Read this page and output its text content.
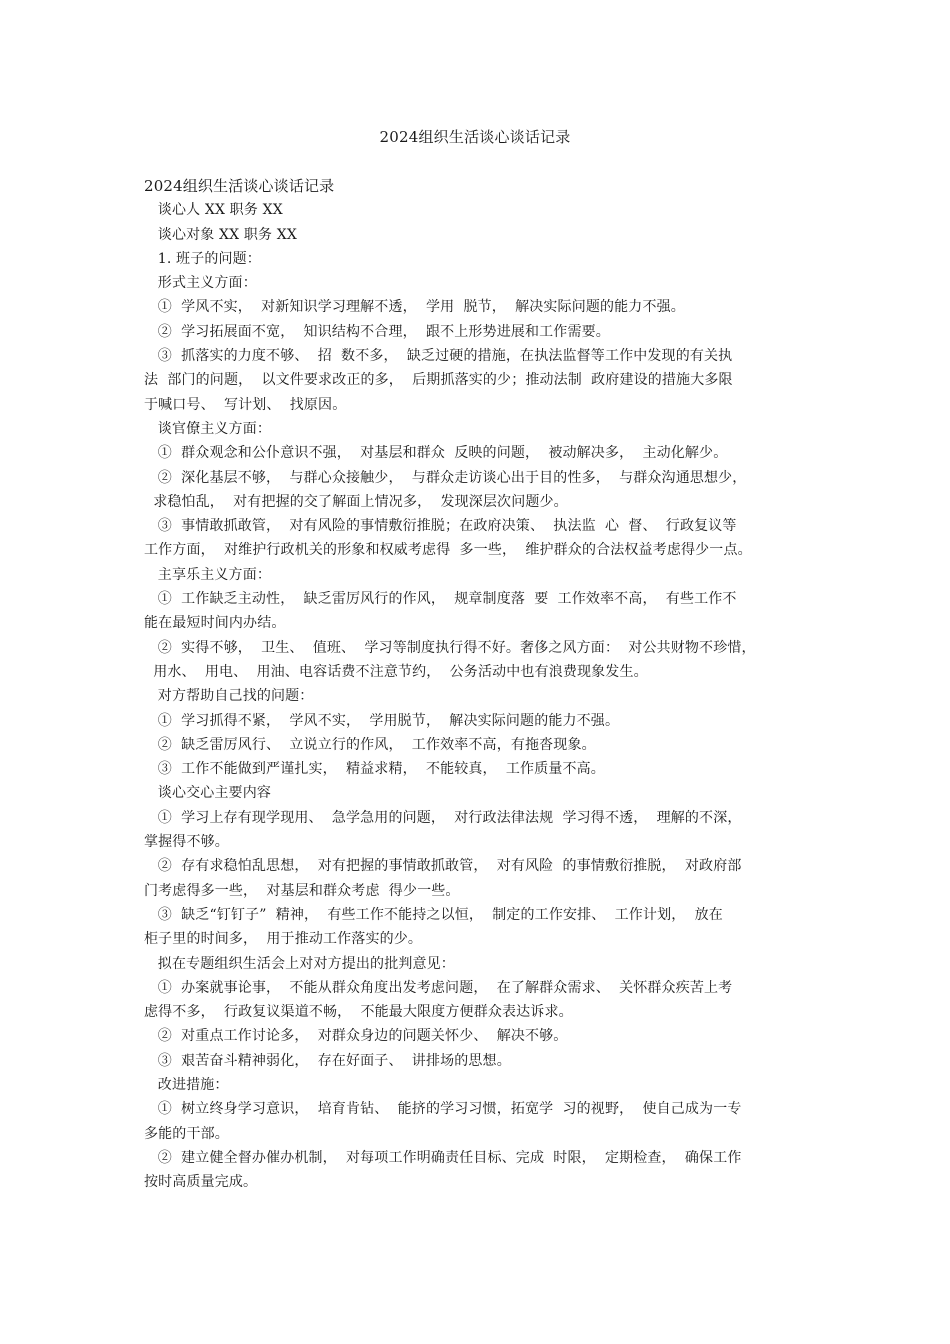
2024组织生活谈心谈话记录
2024组织生活谈心谈话记录
谈心人 XX 职务 XX
谈心对象 XX 职务 XX
1. 班子的问题：
形式主义方面：
①  学风不实，  对新知识学习理解不透，  学用  脱节，  解决实际问题的能力不强。
②  学习拓展面不宽，  知识结构不合理，  跟不上形势进展和工作需要。
③  抓落实的力度不够、  招  数不多，  缺乏过硬的措施，在执法监督等工作中发现的有关执
法  部门的问题，  以文件要求改正的多，  后期抓落实的少；推动法制  政府建设的措施大多限
于喊口号、  写计划、  找原因。
谈官僚主义方面：
①  群众观念和公仆意识不强，  对基层和群众  反映的问题，  被动解决多，  主动化解少。
②  深化基层不够，  与群心众接触少，  与群众走访谈心出于目的性多，  与群众沟通思想少，
求稳怕乱，  对有把握的交了解面上情况多，  发现深层次问题少。
③  事情敢抓敢管，  对有风险的事情敷衍推脱；在政府决策、  执法监  心  督、  行政复议等
工作方面，  对维护行政机关的形象和权威考虑得  多一些，  维护群众的合法权益考虑得少一点。
主享乐主义方面：
①  工作缺乏主动性，  缺乏雷厉风行的作风，  规章制度落  要  工作效率不高，  有些工作不
能在最短时间内办结。
②  实得不够，  卫生、  值班、  学习等制度执行得不好。奢侈之风方面：  对公共财物不珍惜，
用水、  用电、  用油、电容话费不注意节约，  公务活动中也有浪费现象发生。
对方帮助自己找的问题：
①  学习抓得不紧，  学风不实，  学用脱节，  解决实际问题的能力不强。
②  缺乏雷厉风行、  立说立行的作风，  工作效率不高，有拖沓现象。
③  工作不能做到严谨扎实，  精益求精，  不能较真，  工作质量不高。
谈心交心主要内容
①  学习上存有现学现用、  急学急用的问题，  对行政法律法规  学习得不透，  理解的不深，
掌握得不够。
②  存有求稳怕乱思想，  对有把握的事情敢抓敢管，  对有风险  的事情敷衍推脱，  对政府部
门考虑得多一些，  对基层和群众考虑  得少一些。
③  缺乏“钉钉子”  精神，  有些工作不能持之以恒，  制定的工作安排、  工作计划，  放在
柜子里的时间多，  用于推动工作落实的少。
拟在专题组织生活会上对对方提出的批判意见：
①  办案就事论事，  不能从群众角度出发考虑问题，  在了解群众需求、  关怀群众疾苦上考
虑得不多，  行政复议渠道不畅，  不能最大限度方便群众表达诉求。
②  对重点工作讨论多，  对群众身边的问题关怀少、  解决不够。
③  艰苦奋斗精神弱化，  存在好面子、  讲排场的思想。
改进措施：
①  树立终身学习意识，  培育肯钻、  能挤的学习习惯，拓宽学  习的视野，  使自己成为一专
多能的干部。
②  建立健全督办催办机制，  对每项工作明确责任目标、完成  时限，  定期检查，  确保工作
按时高质量完成。
